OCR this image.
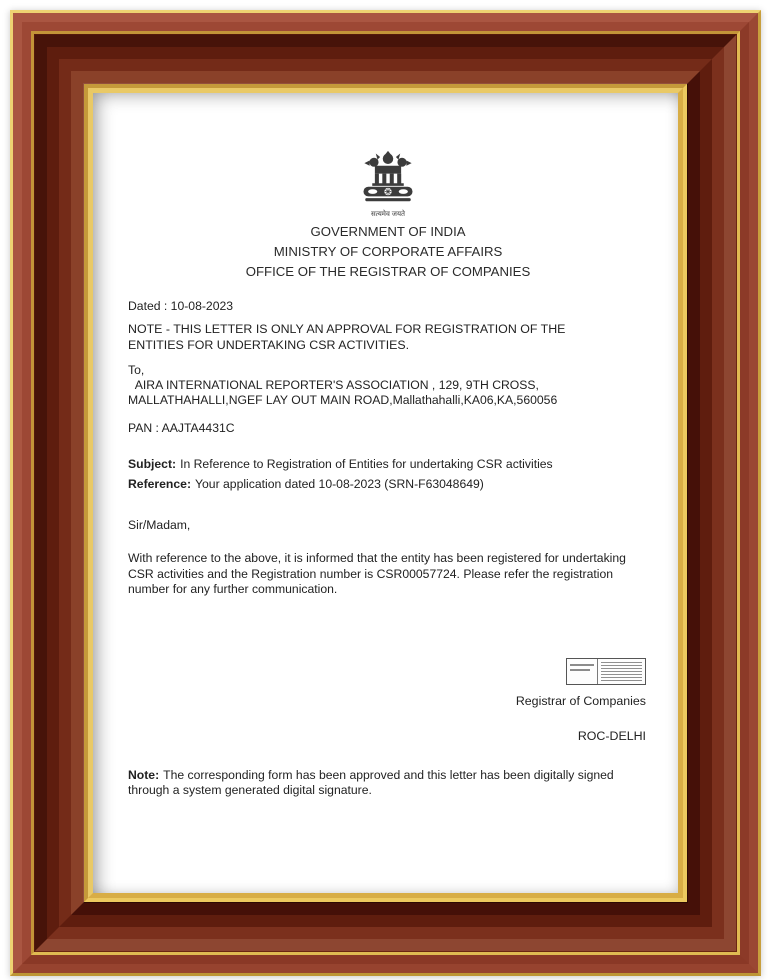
सत्यमेव जयते
GOVERNMENT OF INDIA
MINISTRY OF CORPORATE AFFAIRS
OFFICE OF THE REGISTRAR OF COMPANIES
Dated : 10-08-2023
NOTE - THIS LETTER IS ONLY AN APPROVAL FOR REGISTRATION OF THE ENTITIES FOR UNDERTAKING CSR ACTIVITIES.
To,
AIRA INTERNATIONAL REPORTER'S ASSOCIATION , 129, 9TH CROSS,
MALLATHAHALLI,NGEF LAY OUT MAIN ROAD,Mallathahalli,KA06,KA,560056
PAN : AAJTA4431C
Subject: In Reference to Registration of Entities for undertaking CSR activities
Reference: Your application dated 10-08-2023 (SRN-F63048649)
Sir/Madam,
With reference to the above, it is informed that the entity has been registered for undertaking CSR activities and the Registration number is CSR00057724. Please refer the registration number for any further communication.
Registrar of Companies
ROC-DELHI
Note: The corresponding form has been approved and this letter has been digitally signed through a system generated digital signature.
